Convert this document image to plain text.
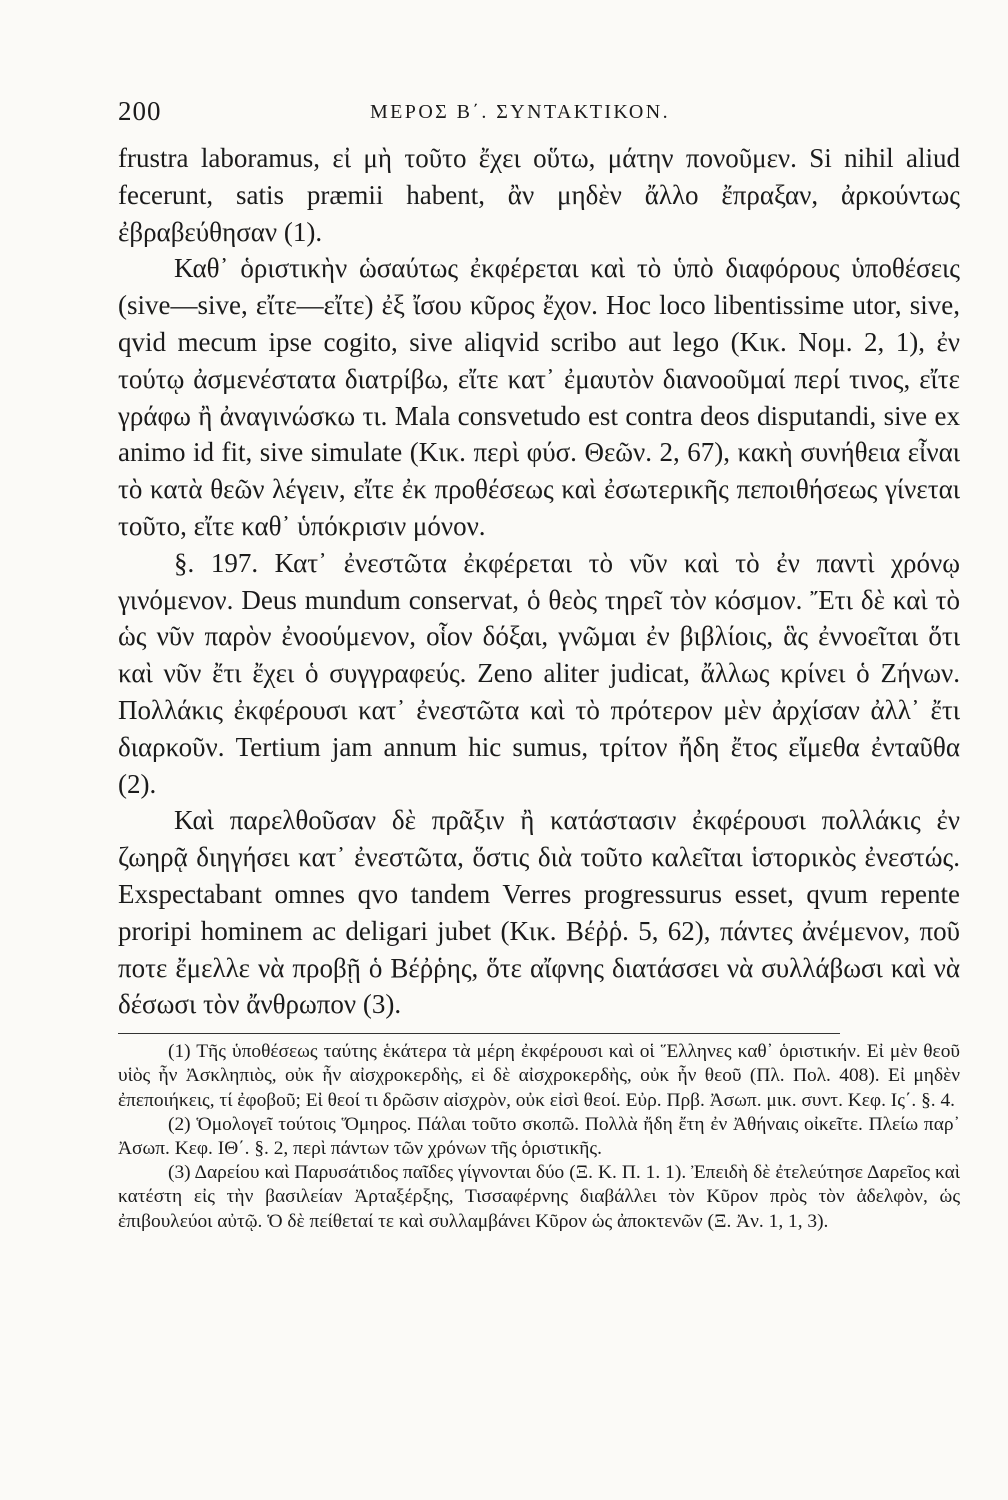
200	ΜΕΡΟΣ Β΄. ΣΥΝΤΑΚΤΙΚΟΝ.

frustra laboramus, εἰ μὴ τοῦτο ἔχει οὕτω, μάτην πονοῦμεν. Si nihil aliud fecerunt, satis præmii habent, ἂν μηδὲν ἄλλο ἔπραξαν, ἀρκούντως ἐβραβεύθησαν (1).

Καθ᾽ ὁριστικὴν ὡσαύτως ἐκφέρεται καὶ τὸ ὑπὸ διαφόρους ὑποθέσεις (sive—sive, εἴτε—εἴτε) ἐξ ἴσου κῦρος ἔχον. Hoc loco libentissime utor, sive, qvid mecum ipse cogito, sive aliqvid scribo aut lego (Κικ. Νομ. 2, 1), ἐν τούτῳ ἀσμενέστατα διατρίβω, εἴτε κατ᾽ ἐμαυτὸν διανοοῦμαί περί τινος, εἴτε γράφω ἢ ἀναγινώσκω τι. Mala consvetudo est contra deos disputandi, sive ex animo id fit, sive simulate (Κικ. περὶ φύσ. Θεῶν. 2, 67), κακὴ συνήθεια εἶναι τὸ κατὰ θεῶν λέγειν, εἴτε ἐκ προθέσεως καὶ ἐσωτερικῆς πεποιθήσεως γίνεται τοῦτο, εἴτε καθ᾽ ὑπόκρισιν μόνον.

§. 197. Κατ᾽ ἐνεστῶτα ἐκφέρεται τὸ νῦν καὶ τὸ ἐν παντὶ χρόνῳ γινόμενον. Deus mundum conservat, ὁ θεὸς τηρεῖ τὸν κόσμον. Ἔτι δὲ καὶ τὸ ὡς νῦν παρὸν ἐνοούμενον, οἷον δόξαι, γνῶμαι ἐν βιβλίοις, ἃς ἐννοεῖται ὅτι καὶ νῦν ἔτι ἔχει ὁ συγγραφεύς. Zeno aliter judicat, ἄλλως κρίνει ὁ Ζήνων. Πολλάκις ἐκφέρουσι κατ᾽ ἐνεστῶτα καὶ τὸ πρότερον μὲν ἀρχίσαν ἀλλ᾽ ἔτι διαρκοῦν. Tertium jam annum hic sumus, τρίτον ἤδη ἔτος εἴμεθα ἐνταῦθα (2).

Καὶ παρελθοῦσαν δὲ πρᾶξιν ἢ κατάστασιν ἐκφέρουσι πολλάκις ἐν ζωηρᾷ διηγήσει κατ᾽ ἐνεστῶτα, ὅστις διὰ τοῦτο καλεῖται ἱστορικὸς ἐνεστώς. Exspectabant omnes qvo tandem Verres progressurus esset, qvum repente proripi hominem ac deligari jubet (Κικ. Βέῤῥ. 5, 62), πάντες ἀνέμενον, ποῦ ποτε ἔμελλε νὰ προβῇ ὁ Βέῤῥης, ὅτε αἴφνης διατάσσει νὰ συλλάβωσι καὶ νὰ δέσωσι τὸν ἄνθρωπον (3).

(1) Τῆς ὑποθέσεως ταύτης ἑκάτερα τὰ μέρη ἐκφέρουσι καὶ οἱ Ἕλληνες καθ᾽ ὁριστικήν. Εἰ μὲν θεοῦ υἱὸς ἦν Ἀσκληπιὸς, οὐκ ἦν αἰσχροκερδὴς, εἰ δὲ αἰσχροκερδὴς, οὐκ ἦν θεοῦ (Πλ. Πολ. 408). Εἰ μηδὲν ἐπεποιήκεις, τί ἐφοβοῦ; Εἰ θεοί τι δρῶσιν αἰσχρὸν, οὐκ εἰσὶ θεοί. Εὐρ. Πρβ. Ἀσωπ. μικ. συντ. Κεφ. Ις΄. §. 4.

(2) Ὁμολογεῖ τούτοις Ὅμηρος. Πάλαι τοῦτο σκοπῶ. Πολλὰ ἤδη ἔτη ἐν Ἀθήναις οἰκεῖτε. Πλείω παρ᾽ Ἀσωπ. Κεφ. ΙΘ΄. §. 2, περὶ πάντων τῶν χρόνων τῆς ὁριστικῆς.

(3) Δαρείου καὶ Παρυσάτιδος παῖδες γίγνονται δύο (Ξ. Κ. Π. 1. 1). Ἐπειδὴ δὲ ἐτελεύτησε Δαρεῖος καὶ κατέστη εἰς τὴν βασιλείαν Ἀρταξέρξης, Τισσαφέρνης διαβάλλει τὸν Κῦρον πρὸς τὸν ἀδελφὸν, ὡς ἐπιβουλεύοι αὐτῷ. Ὁ δὲ πείθεταί τε καὶ συλλαμβάνει Κῦρον ὡς ἀποκτενῶν (Ξ. Ἀν. 1, 1, 3).
